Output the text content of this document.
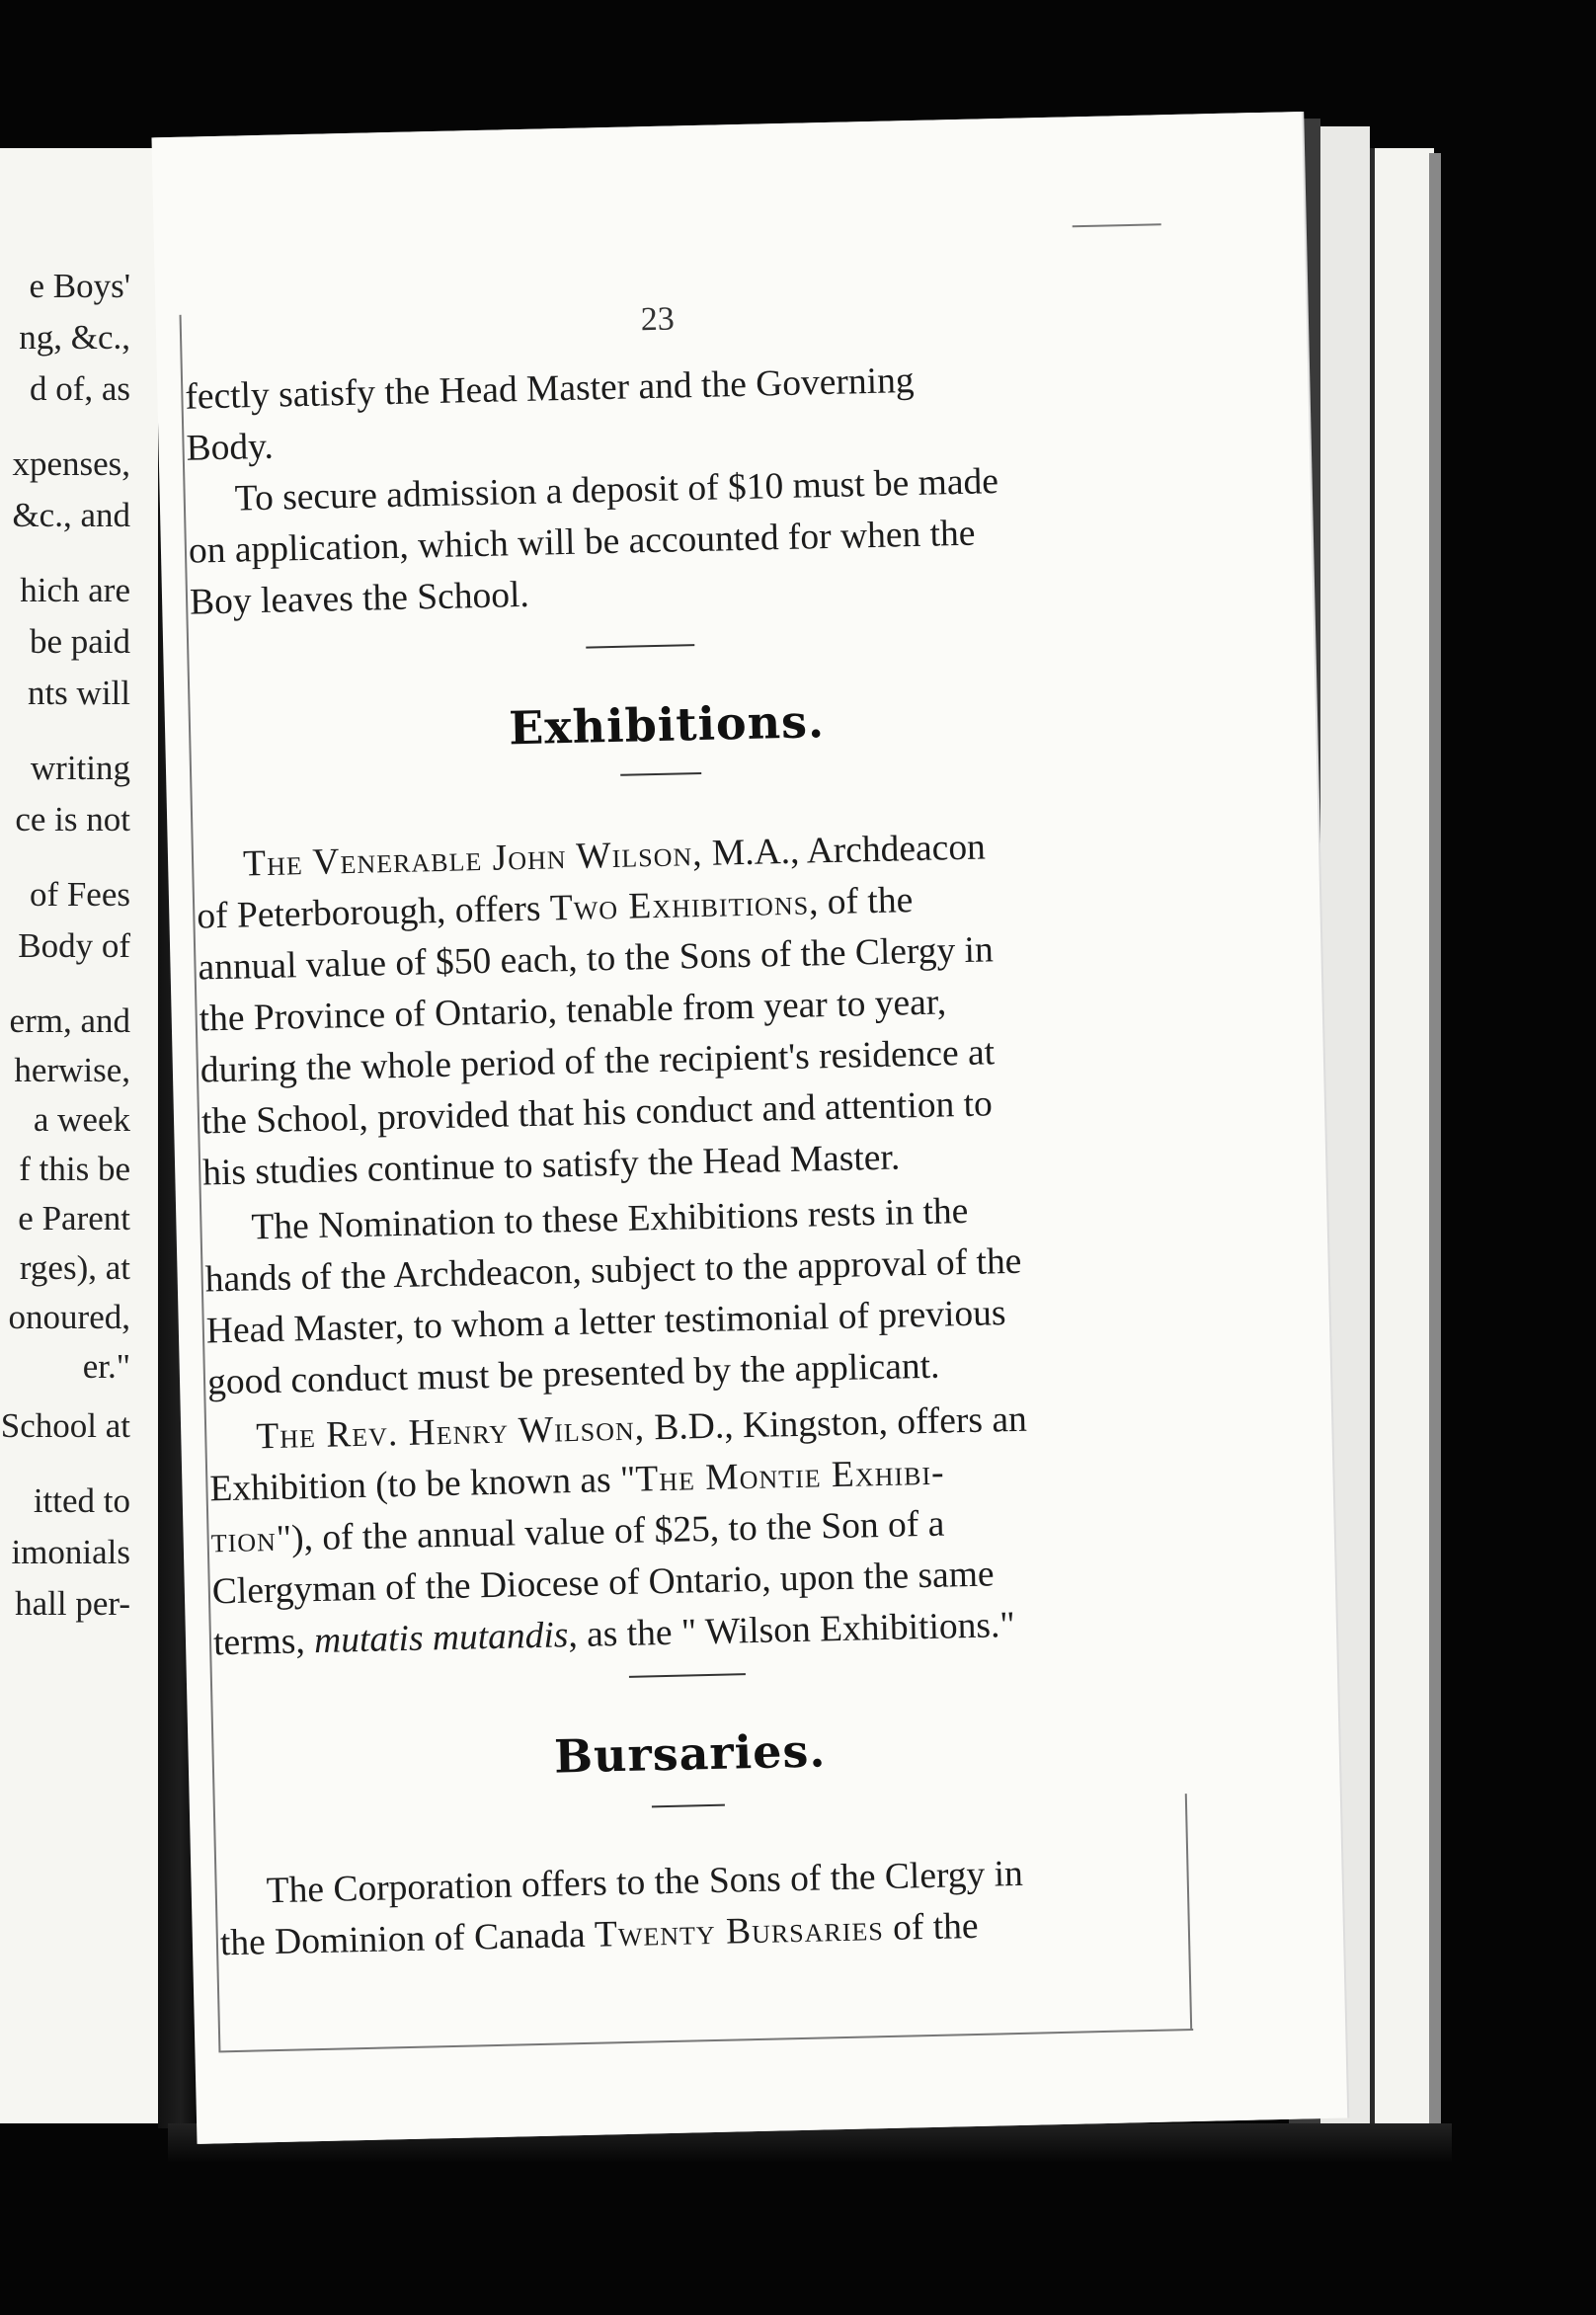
e Boys'
ng, &c.,
d of, as
xpenses,
&c., and
hich are
be paid
nts will
writing
ce is not
of Fees
Body of
erm, and
herwise,
a week
f this be
e Parent
rges), at
onoured,
er."
School at
itted to
imonials
hall per-
23
fectly satisfy the Head Master and the Governing
Body.
To secure admission a deposit of $10 must be made
on application, which will be accounted for when the
Boy leaves the School.
Exhibitions.
The Venerable John Wilson, M.A., Archdeacon
of Peterborough, offers Two Exhibitions, of the
annual value of $50 each, to the Sons of the Clergy in
the Province of Ontario, tenable from year to year,
during the whole period of the recipient's residence at
the School, provided that his conduct and attention to
his studies continue to satisfy the Head Master.
The Nomination to these Exhibitions rests in the
hands of the Archdeacon, subject to the approval of the
Head Master, to whom a letter testimonial of previous
good conduct must be presented by the applicant.
The Rev. Henry Wilson, B.D., Kingston, offers an
Exhibition (to be known as "The Montie Exhibi-
tion"), of the annual value of $25, to the Son of a
Clergyman of the Diocese of Ontario, upon the same
terms, mutatis mutandis, as the " Wilson Exhibitions."
Bursaries.
The Corporation offers to the Sons of the Clergy in
the Dominion of Canada Twenty Bursaries of the
